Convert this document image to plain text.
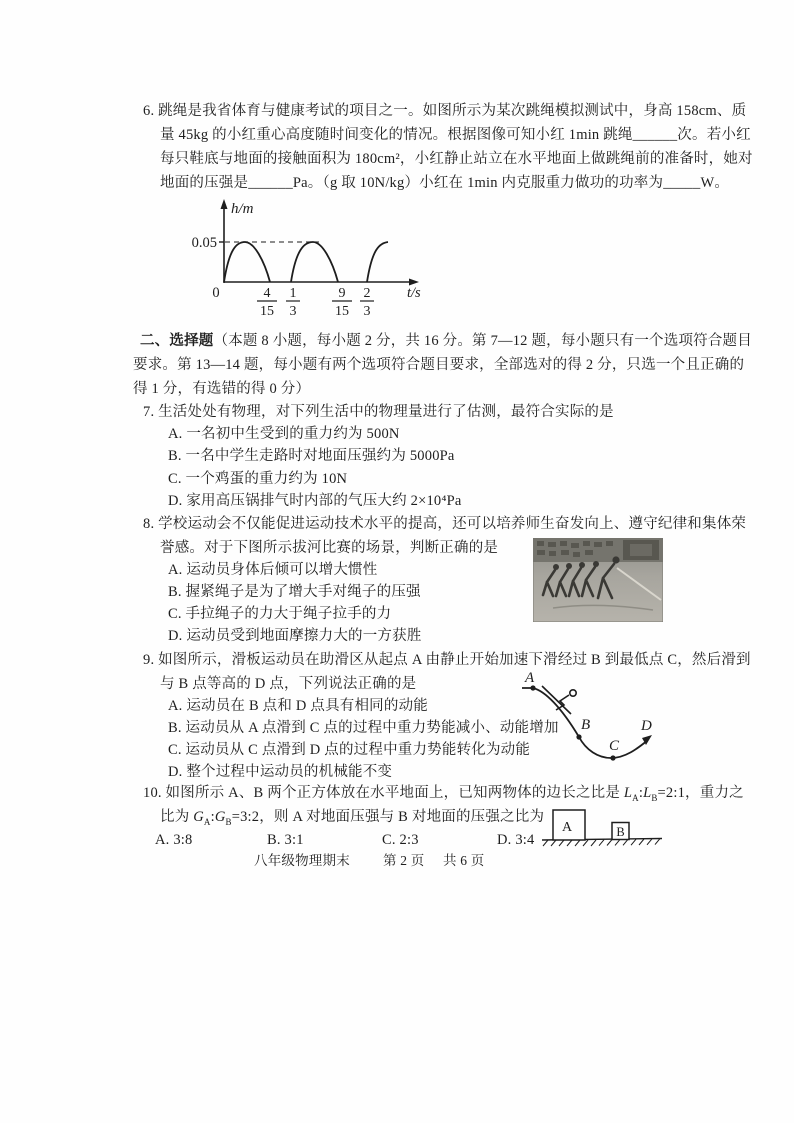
6. 跳绳是我省体育与健康考试的项目之一。如图所示为某次跳绳模拟测试中，身高 158cm、质
量 45kg 的小红重心高度随时间变化的情况。根据图像可知小红 1min 跳绳______次。若小红
每只鞋底与地面的接触面积为 180cm²，小红静止站立在水平地面上做跳绳前的准备时，她对
地面的压强是______Pa。（g 取 10N/kg）小红在 1min 内克服重力做功的功率为_____W。
h/m
0.05
0	t/s
4
15
1
3
9
15
2
3
二、选择题（本题 8 小题，每小题 2 分，共 16 分。第 7—12 题，每小题只有一个选项符合题目
要求。第 13—14 题，每小题有两个选项符合题目要求，全部选对的得 2 分，只选一个且正确的
得 1 分，有选错的得 0 分）
7. 生活处处有物理，对下列生活中的物理量进行了估测，最符合实际的是
A. 一名初中生受到的重力约为 500N
B. 一名中学生走路时对地面压强约为 5000Pa
C. 一个鸡蛋的重力约为 10N
D. 家用高压锅排气时内部的气压大约 2×10⁴Pa
8. 学校运动会不仅能促进运动技术水平的提高，还可以培养师生奋发向上、遵守纪律和集体荣
誉感。对于下图所示拔河比赛的场景，判断正确的是
A. 运动员身体后倾可以增大惯性
B. 握紧绳子是为了增大手对绳子的压强
C. 手拉绳子的力大于绳子拉手的力
D. 运动员受到地面摩擦力大的一方获胜
9. 如图所示，滑板运动员在助滑区从起点 A 由静止开始加速下滑经过 B 到最低点 C，然后滑到
与 B 点等高的 D 点，下列说法正确的是
A. 运动员在 B 点和 D 点具有相同的动能
B. 运动员从 A 点滑到 C 点的过程中重力势能减小、动能增加
C. 运动员从 C 点滑到 D 点的过程中重力势能转化为动能
D. 整个过程中运动员的机械能不变
A
B
C
D
10. 如图所示 A、B 两个正方体放在水平地面上，已知两物体的边长之比是 $L_A:L_B=2:1$，重力之
比为 $G_A:G_B=3:2$，则 A 对地面压强与 B 对地面的压强之比为
A. 3:8	B. 3:1	C. 2:3	D. 3:4
A	B
八年级物理期末 第 2 页 共 6 页
